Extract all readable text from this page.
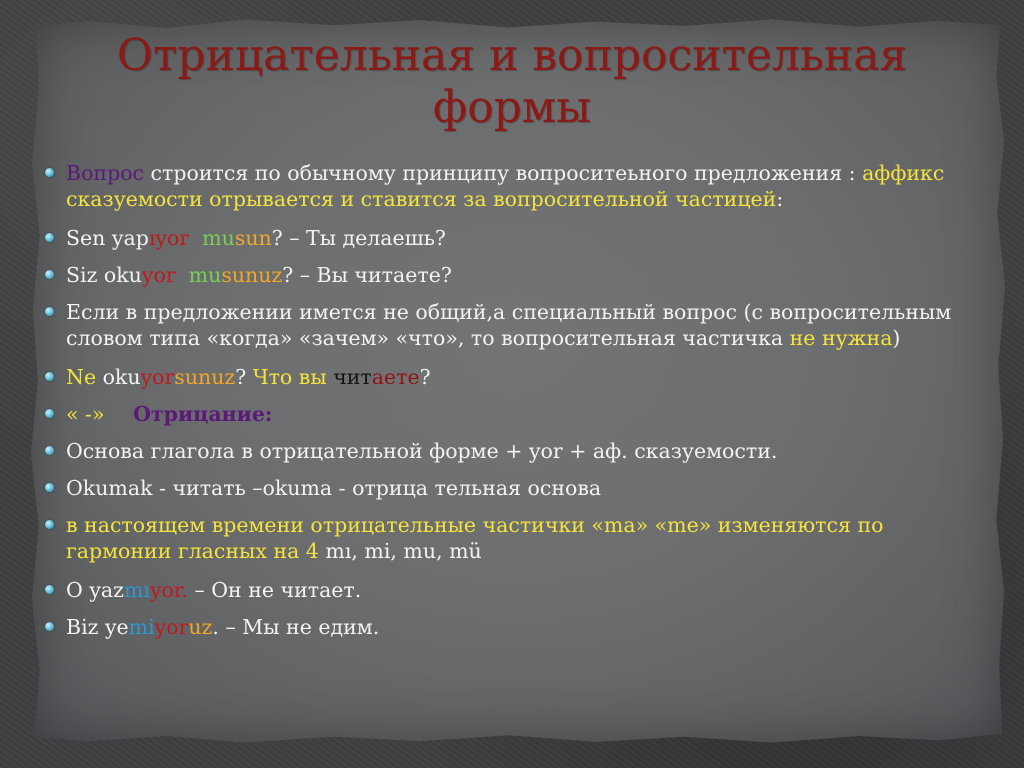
Отрицательная и вопросительная
формы
Вопрос строится по обычному принципу вопроситеьного предложения : аффикс сказуемости отрывается и ставится за вопросительной частицей:
Sen yapıyor musun? – Ты делаешь?
Siz okuyor musunuz? – Вы читаете?
Если в предложении имется не общий,а специальный вопрос (с вопросительным словом типа «когда» «зачем» «что», то вопросительная частичка не нужна)
Ne okuyorsunuz? Что вы читаете?
« -»    Отрицание:
Основа глагола в отрицательной форме + yor + аф. сказуемости.
Okumak - читать –okuma - отрица тельная основа
в настоящем времени отрицательные частички «ma» «me» изменяются по гармонии гласных на 4 mı, mi, mu, mü
O yazmıyor. – Он не читает.
Biz yemiyoruz. – Мы не едим.
